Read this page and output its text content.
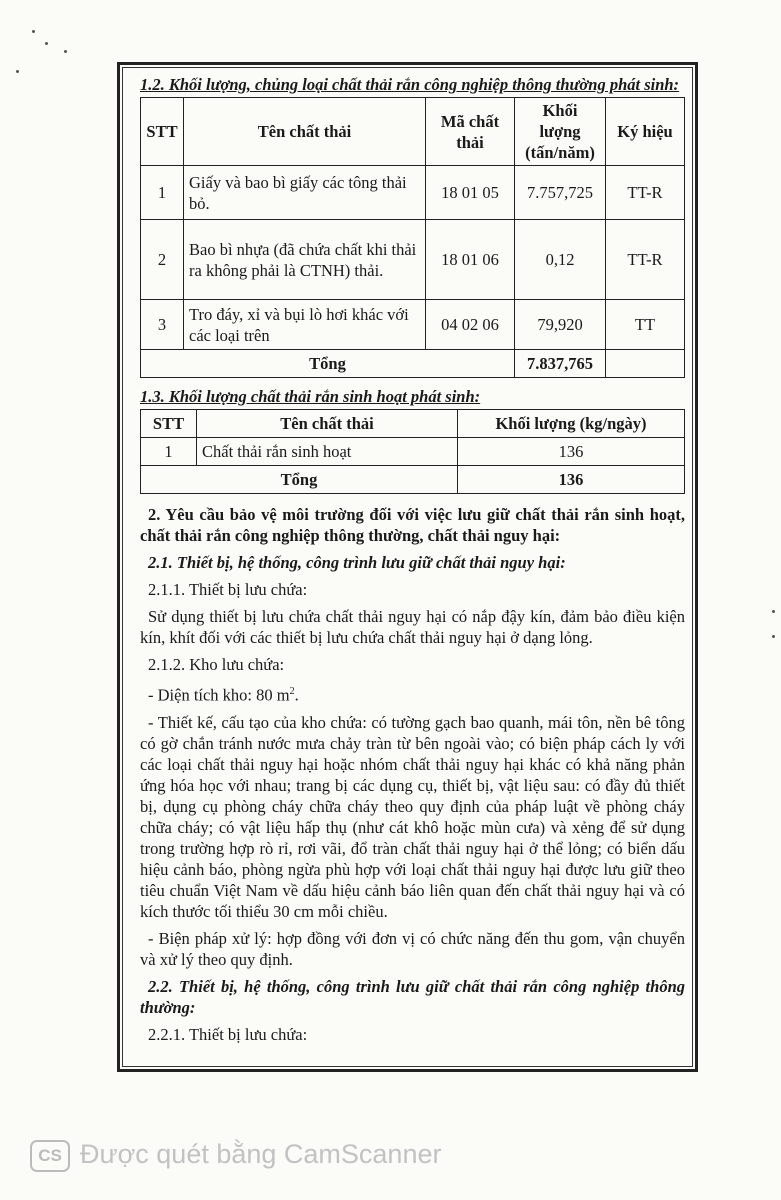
1.2. Khối lượng, chủng loại chất thải rắn công nghiệp thông thường phát sinh:
STT	Tên chất thải	Mã chất thải	Khối lượng (tấn/năm)	Ký hiệu
1	Giấy và bao bì giấy các tông thải bỏ.	18 01 05	7.757,725	TT-R
2	Bao bì nhựa (đã chứa chất khi thải ra không phải là CTNH) thải.	18 01 06	0,12	TT-R
3	Tro đáy, xỉ và bụi lò hơi khác với các loại trên	04 02 06	79,920	TT
Tổng			7.837,765	
1.3. Khối lượng chất thải rắn sinh hoạt phát sinh:
STT	Tên chất thải	Khối lượng (kg/ngày)
1	Chất thải rắn sinh hoạt	136
Tổng		136

2. Yêu cầu bảo vệ môi trường đối với việc lưu giữ chất thải rắn sinh hoạt, chất thải rắn công nghiệp thông thường, chất thải nguy hại:

2.1. Thiết bị, hệ thống, công trình lưu giữ chất thải nguy hại:

2.1.1. Thiết bị lưu chứa:

Sử dụng thiết bị lưu chứa chất thải nguy hại có nắp đậy kín, đảm bảo điều kiện kín, khít đối với các thiết bị lưu chứa chất thải nguy hại ở dạng lỏng.

2.1.2. Kho lưu chứa:

- Diện tích kho: 80 $m^2$.

- Thiết kế, cấu tạo của kho chứa: có tường gạch bao quanh, mái tôn, nền bê tông có gờ chắn tránh nước mưa chảy tràn từ bên ngoài vào; có biện pháp cách ly với các loại chất thải nguy hại hoặc nhóm chất thải nguy hại khác có khả năng phản ứng hóa học với nhau; trang bị các dụng cụ, thiết bị, vật liệu sau: có đầy đủ thiết bị, dụng cụ phòng cháy chữa cháy theo quy định của pháp luật về phòng cháy chữa cháy; có vật liệu hấp thụ (như cát khô hoặc mùn cưa) và xẻng để sử dụng trong trường hợp rò rỉ, rơi vãi, đổ tràn chất thải nguy hại ở thể lỏng; có biển dấu hiệu cảnh báo, phòng ngừa phù hợp với loại chất thải nguy hại được lưu giữ theo tiêu chuẩn Việt Nam về dấu hiệu cảnh báo liên quan đến chất thải nguy hại và có kích thước tối thiểu 30 cm mỗi chiều.

- Biện pháp xử lý: hợp đồng với đơn vị có chức năng đến thu gom, vận chuyển và xử lý theo quy định.

2.2. Thiết bị, hệ thống, công trình lưu giữ chất thải rắn công nghiệp thông thường:

2.2.1. Thiết bị lưu chứa:

CS Được quét bằng CamScanner
